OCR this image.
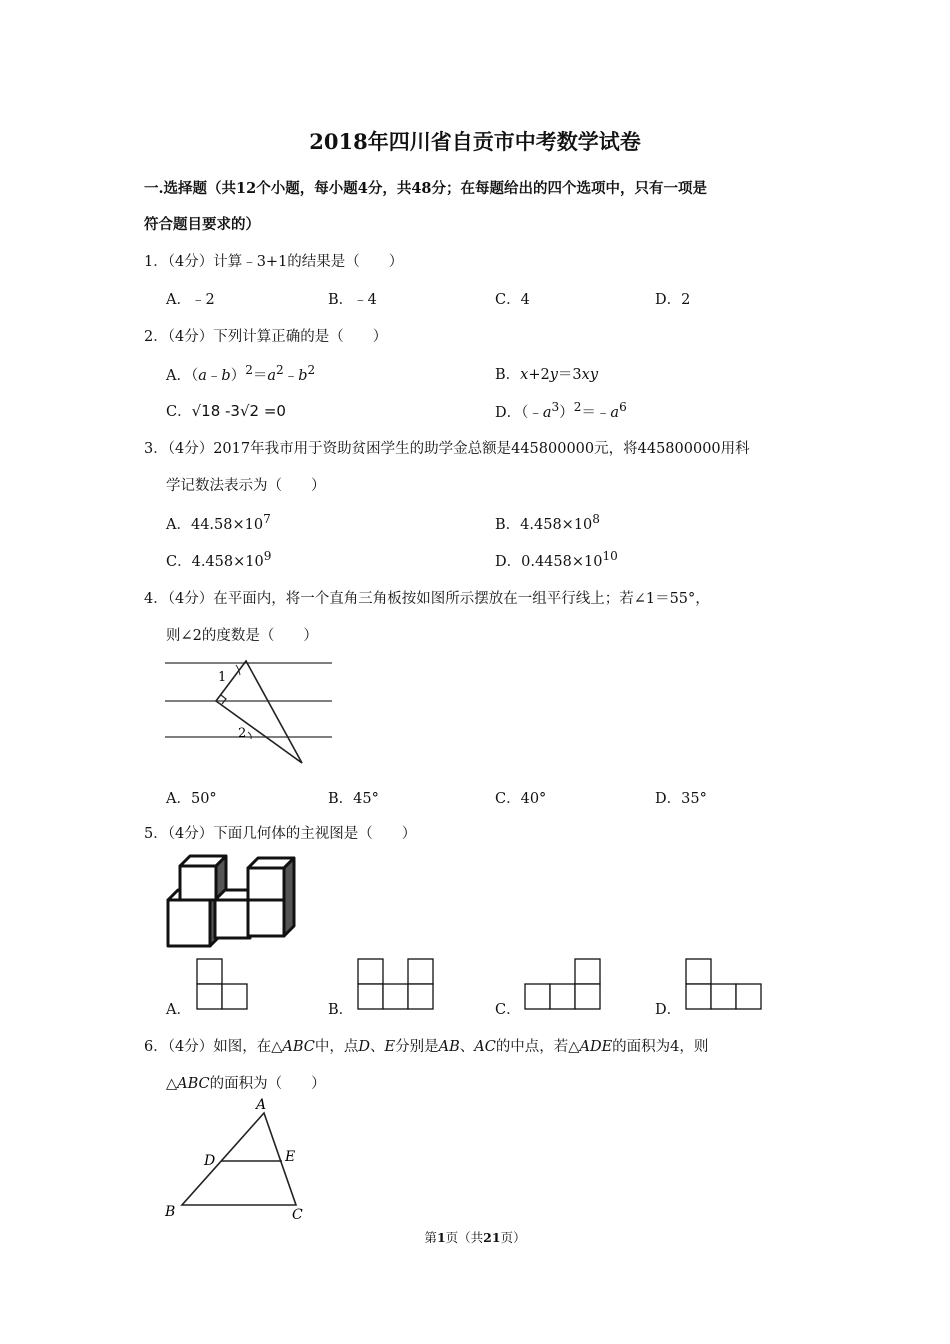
2018年四川省自贡市中考数学试卷
一.选择题（共12个小题，每小题4分，共48分；在每题给出的四个选项中，只有一项是
符合题目要求的）
1．（4分）计算﹣3+1的结果是（　　）
A．﹣2	B．﹣4	C．4	D．2
2．（4分）下列计算正确的是（　　）
A．$(a﹣b)^2=a^2﹣b^2$	B．x+2y＝3xy
C．√18 -3√2 =0	D．$(﹣a^3)^2=﹣a^6$
3．（4分）2017年我市用于资助贫困学生的助学金总额是445800000元，将445800000用科
学记数法表示为（　　）
A．$44.58\times 10^7$	B．$4.458\times 10^8$
C．$4.458\times 10^9$	D．$0.4458\times 10^{10}$
4．（4分）在平面内，将一个直角三角板按如图所示摆放在一组平行线上；若∠1＝55°，
则∠2的度数是（　　）
1
2
A．50°	B．45°	C．40°	D．35°
5．（4分）下面几何体的主视图是（　　）
A．	B．	C．	D．
6．（4分）如图，在△ABC中，点D、E分别是AB、AC的中点，若△ADE的面积为4，则
△ABC的面积为（　　）
A
D	E
B	C
第1页（共21页）
